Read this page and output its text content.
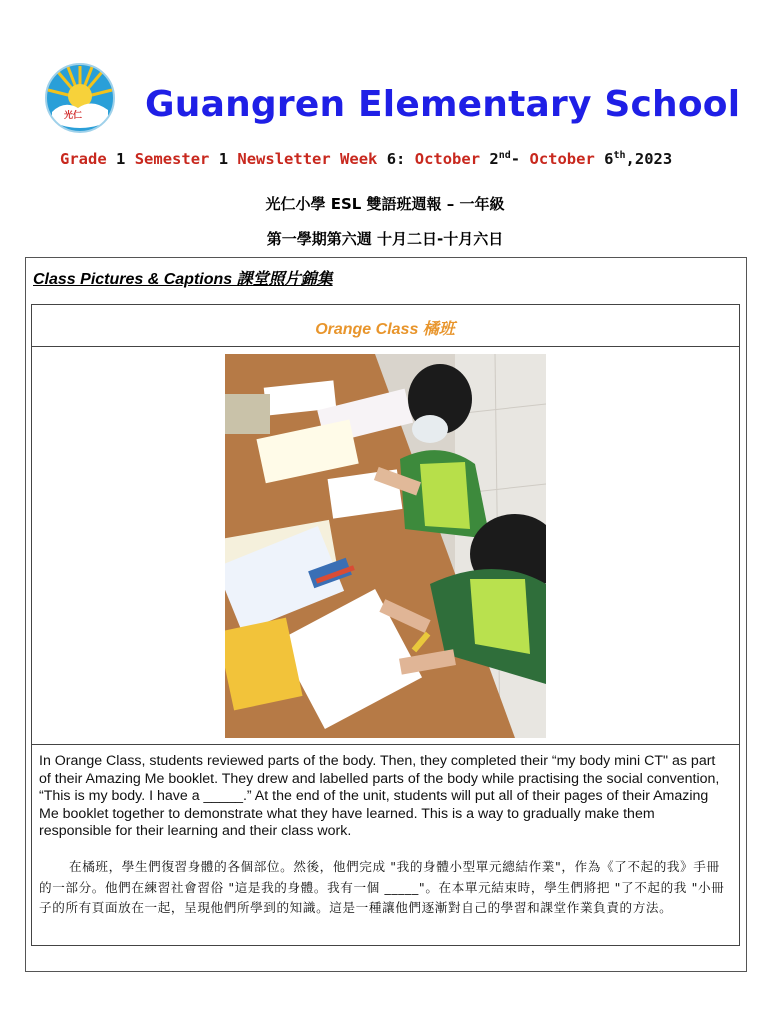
光仁 Guangren Elementary School
Grade 1 Semester 1 Newsletter Week 6: October 2nd- October 6th,2023
光仁小學 ESL 雙語班週報 – 一年級
第一學期第六週 十月二日-十月六日
Class Pictures & Captions 課堂照片錦集
Orange Class 橘班
In Orange Class, students reviewed parts of the body. Then, they completed their “my body mini CT" as part of their Amazing Me booklet. They drew and labelled parts of the body while practising the social convention, “This is my body. I have a _____.” At the end of the unit, students will put all of their pages of their Amazing Me booklet together to demonstrate what they have learned. This is a way to gradually make them responsible for their learning and their class work.
在橘班，學生們復習身體的各個部位。然後，他們完成 "我的身體小型單元總結作業"，作為《了不起的我》手冊的一部分。他們在練習社會習俗 "這是我的身體。我有一個 _____"。在本單元結束時，學生們將把 "了不起的我 "小冊子的所有頁面放在一起，呈現他們所學到的知識。這是一種讓他們逐漸對自己的學習和課堂作業負責的方法。
